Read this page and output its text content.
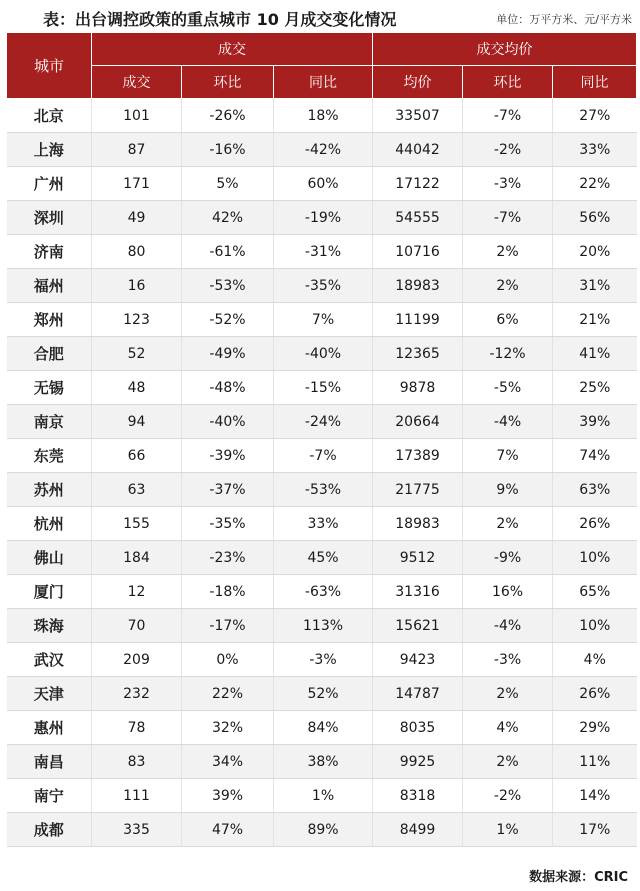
表：出台调控政策的重点城市 10 月成交变化情况	单位：万平方米、元/平方米
城市	成交			成交均价		
	成交	环比	同比	均价	环比	同比
北京	101	-26%	18%	33507	-7%	27%
上海	87	-16%	-42%	44042	-2%	33%
广州	171	5%	60%	17122	-3%	22%
深圳	49	42%	-19%	54555	-7%	56%
济南	80	-61%	-31%	10716	2%	20%
福州	16	-53%	-35%	18983	2%	31%
郑州	123	-52%	7%	11199	6%	21%
合肥	52	-49%	-40%	12365	-12%	41%
无锡	48	-48%	-15%	9878	-5%	25%
南京	94	-40%	-24%	20664	-4%	39%
东莞	66	-39%	-7%	17389	7%	74%
苏州	63	-37%	-53%	21775	9%	63%
杭州	155	-35%	33%	18983	2%	26%
佛山	184	-23%	45%	9512	-9%	10%
厦门	12	-18%	-63%	31316	16%	65%
珠海	70	-17%	113%	15621	-4%	10%
武汉	209	0%	-3%	9423	-3%	4%
天津	232	22%	52%	14787	2%	26%
惠州	78	32%	84%	8035	4%	29%
南昌	83	34%	38%	9925	2%	11%
南宁	111	39%	1%	8318	-2%	14%
成都	335	47%	89%	8499	1%	17%
数据来源：CRIC
